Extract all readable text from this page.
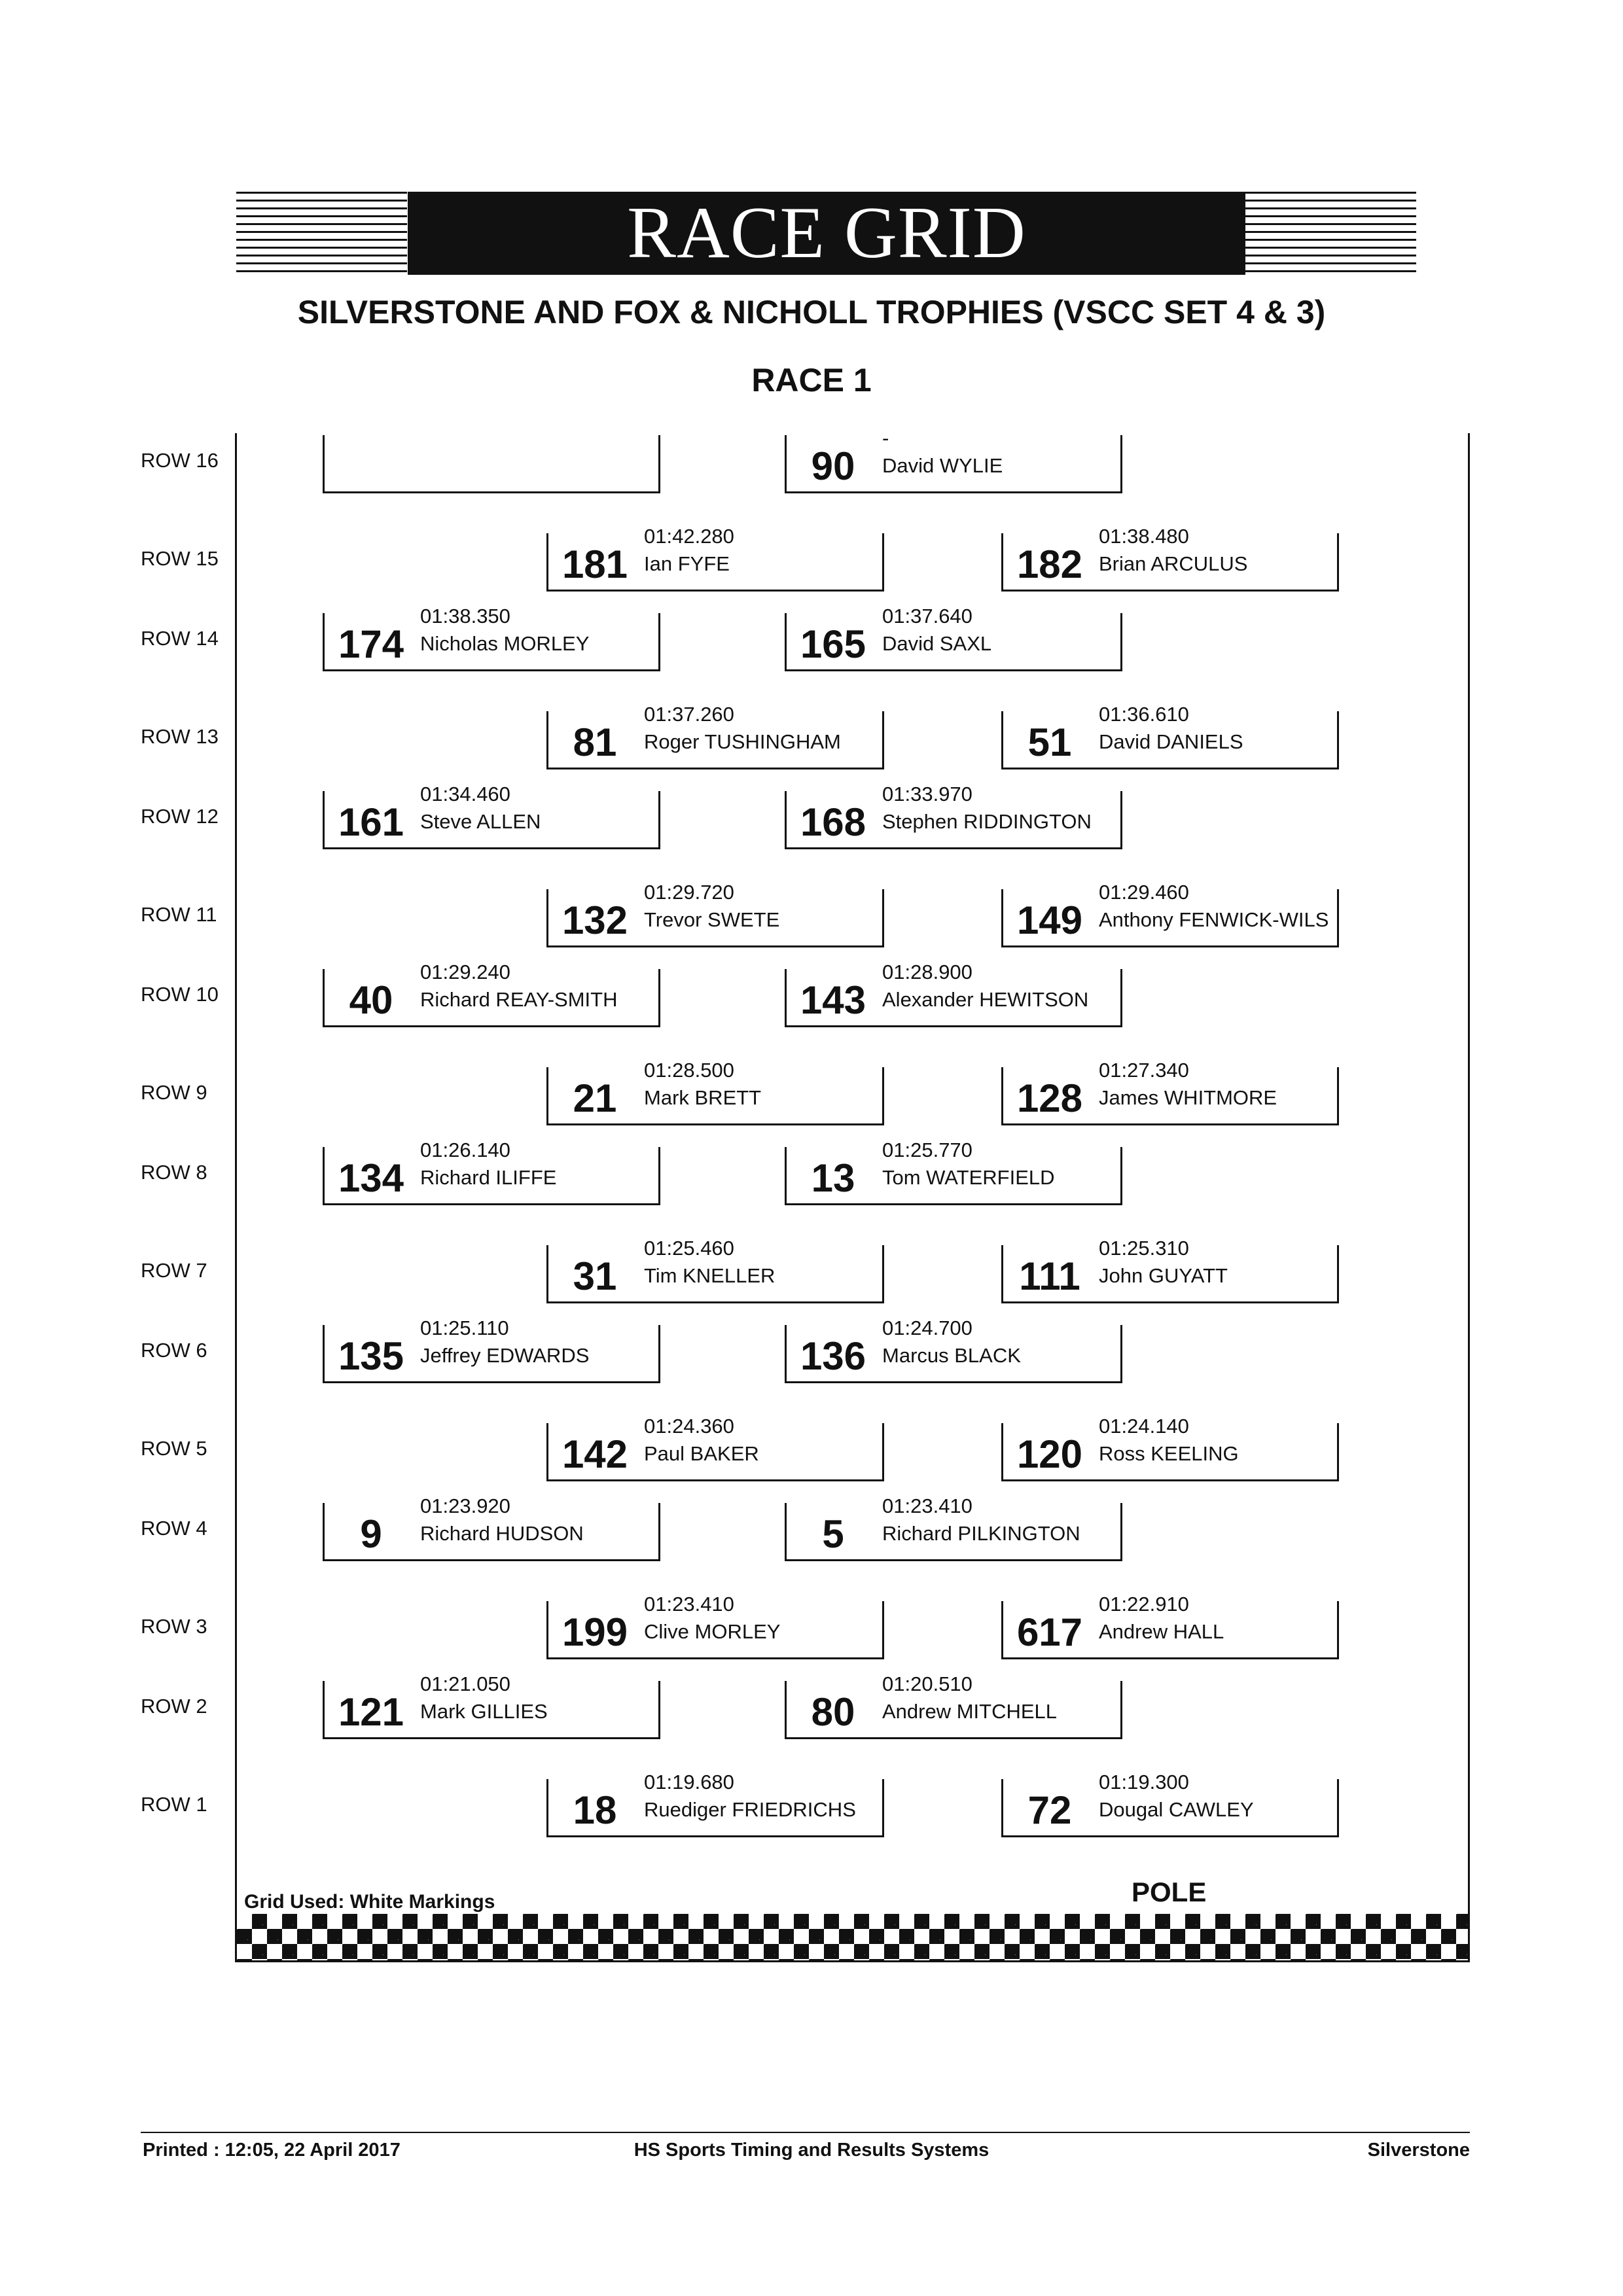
RACE GRID
SILVERSTONE AND FOX & NICHOLL TROPHIES (VSCC SET 4 & 3)
RACE 1
ROW 16
ROW 15
ROW 14
ROW 13
ROW 12
ROW 11
ROW 10
ROW 9
ROW 8
ROW 7
ROW 6
ROW 5
ROW 4
ROW 3
ROW 2
ROW 1
90
-
David WYLIE
181
01:42.280
Ian FYFE	182
01:38.480
Brian ARCULUS
174
01:38.350
Nicholas MORLEY	165
01:37.640
David SAXL
81
01:37.260
Roger TUSHINGHAM	51
01:36.610
David DANIELS
161
01:34.460
Steve ALLEN	168
01:33.970
Stephen RIDDINGTON
132
01:29.720
Trevor SWETE	149
01:29.460
Anthony FENWICK-WILS
40
01:29.240
Richard REAY-SMITH	143
01:28.900
Alexander HEWITSON
21
01:28.500
Mark BRETT	128
01:27.340
James WHITMORE
134
01:26.140
Richard ILIFFE	13
01:25.770
Tom WATERFIELD
31
01:25.460
Tim KNELLER	111
01:25.310
John GUYATT
135
01:25.110
Jeffrey EDWARDS	136
01:24.700
Marcus BLACK
142
01:24.360
Paul BAKER	120
01:24.140
Ross KEELING
9
01:23.920
Richard HUDSON	5
01:23.410
Richard PILKINGTON
199
01:23.410
Clive MORLEY	617
01:22.910
Andrew HALL
121
01:21.050
Mark GILLIES	80
01:20.510
Andrew MITCHELL
18
01:19.680
Ruediger FRIEDRICHS	72
01:19.300
Dougal CAWLEY
Grid Used: White Markings	POLE
Printed : 12:05, 22 April 2017	HS Sports Timing and Results Systems	Silverstone
